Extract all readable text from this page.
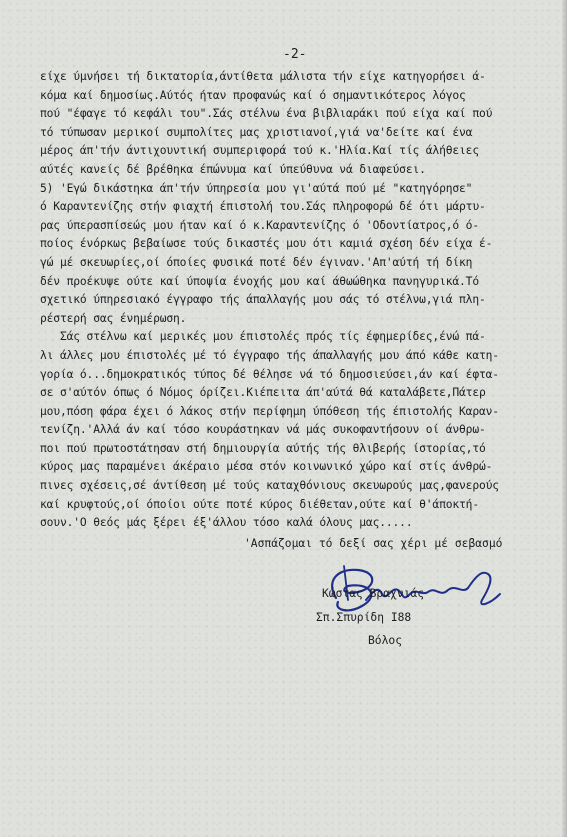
-2-
είχε ύμνήσει τή δικτατορία,άντίθετα μάλιστα τήν είχε κατηγορήσει ά-
κόμα καί δημοσίως.Αύτός ήταν προφανώς καί ό σημαντικότερος λόγος
πού "έφαγε τό κεφάλι του".Σάς στέλνω ένα βιβλιαράκι πού είχα καί πού
τό τύπωσαν μερικοί συμπολίτες μας χριστιανοί,γιά να'δείτε καί ένα
μέρος άπ'τήν άντιχουντική συμπεριφορά τού κ.'Ηλία.Καί τίς άλήθειες
αύτές κανείς δέ βρέθηκα έπώνυμα καί ύπεύθυνα νά διαφεύσει.
5) 'Εγώ δικάστηκα άπ'τήν ύπηρεσία μου γι'αύτά πού μέ "κατηγόρησε"
ό Καραντενίζης στήν φιαχτή έπιστολή του.Σάς πληροφορώ δέ ότι μάρτυ-
ρας ύπερασπίσεώς μου ήταν καί ό κ.Καραντενίζης ό 'Οδοντίατρος,ό ό-
ποίος ένόρκως βεβαίωσε τούς δικαστές μου ότι καμιά σχέση δέν είχα έ-
γώ μέ σκευωρίες,οί όποίες φυσικά ποτέ δέν έγιναν.'Απ'αύτή τή δίκη
δέν προέκυψε ούτε καί ύποψία ένοχής μου καί άθωώθηκα πανηγυρικά.Τό
σχετικό ύπηρεσιακό έγγραφο τής άπαλλαγής μου σάς τό στέλνω,γιά πλη-
ρέστερή σας ένημέρωση.
Σάς στέλνω καί μερικές μου έπιστολές πρός τίς έφημερίδες,ένώ πά-
λι άλλες μου έπιστολές μέ τό έγγραφο τής άπαλλαγής μου άπό κάθε κατη-
γορία ό...δημοκρατικός τύπος δέ θέλησε νά τό δημοσιεύσει,άν καί έφτα-
σε σ'αύτόν όπως ό Νόμος όρίζει.Κιέπειτα άπ'αύτά θά καταλάβετε,Πάτερ
μου,πόση φάρα έχει ό λάκος στήν περίφημη ύπόθεση τής έπιστολής Καραν-
τενίζη.'Αλλά άν καί τόσο κουράστηκαν νά μάς συκοφαντήσουν οί άνθρω-
ποι πού πρωτοστάτησαν στή δημιουργία αύτής τής θλιβερής ίστορίας,τό
κύρος μας παραμένει άκέραιο μέσα στόν κοινωνικό χώρο καί στίς άνθρώ-
πινες σχέσεις,σέ άντίθεση μέ τούς καταχθόνιους σκευωρούς μας,φανερούς
καί κρυφτούς,οί όποίοι ούτε ποτέ κύρος διέθεταν,ούτε καί θ'άποκτή-
σουν.'Ο θεός μάς ξέρει έξ'άλλου τόσο καλά όλους μας.....
'Ασπάζομαι τό δεξί σας χέρι μέ σεβασμό
Κώστας Βραχνιάς
Σπ.Σπυρίδη Ι88
Βόλος
